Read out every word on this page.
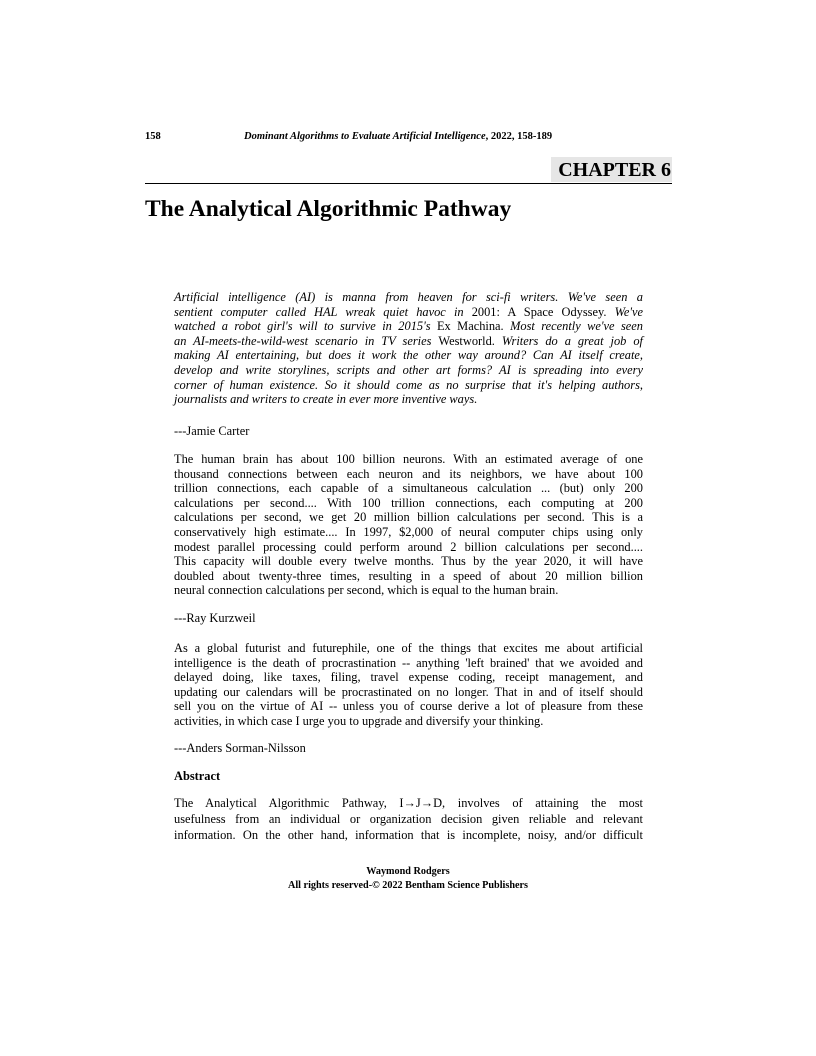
158	Dominant Algorithms to Evaluate Artificial Intelligence, 2022, 158-189
CHAPTER 6
The Analytical Algorithmic Pathway
Artificial intelligence (AI) is manna from heaven for sci-fi writers. We've seen a
sentient computer called HAL wreak quiet havoc in 2001: A Space Odyssey. We've
watched a robot girl's will to survive in 2015's Ex Machina. Most recently we've seen
an AI-meets-the-wild-west scenario in TV series Westworld. Writers do a great job of
making AI entertaining, but does it work the other way around? Can AI itself create,
develop and write storylines, scripts and other art forms? AI is spreading into every
corner of human existence. So it should come as no surprise that it's helping authors,
journalists and writers to create in ever more inventive ways.
---Jamie Carter
The human brain has about 100 billion neurons. With an estimated average of one
thousand connections between each neuron and its neighbors, we have about 100
trillion connections, each capable of a simultaneous calculation ... (but) only 200
calculations per second.... With 100 trillion connections, each computing at 200
calculations per second, we get 20 million billion calculations per second. This is a
conservatively high estimate.... In 1997, $2,000 of neural computer chips using only
modest parallel processing could perform around 2 billion calculations per second....
This capacity will double every twelve months. Thus by the year 2020, it will have
doubled about twenty-three times, resulting in a speed of about 20 million billion
neural connection calculations per second, which is equal to the human brain.
---Ray Kurzweil
As a global futurist and futurephile, one of the things that excites me about artificial
intelligence is the death of procrastination -- anything 'left brained' that we avoided and
delayed doing, like taxes, filing, travel expense coding, receipt management, and
updating our calendars will be procrastinated on no longer. That in and of itself should
sell you on the virtue of AI -- unless you of course derive a lot of pleasure from these
activities, in which case I urge you to upgrade and diversify your thinking.
---Anders Sorman-Nilsson
Abstract
The Analytical Algorithmic Pathway, I→J→D, involves of attaining the most
usefulness from an individual or organization decision given reliable and relevant
information. On the other hand, information that is incomplete, noisy, and/or difficult
Waymond Rodgers
All rights reserved-© 2022 Bentham Science Publishers
